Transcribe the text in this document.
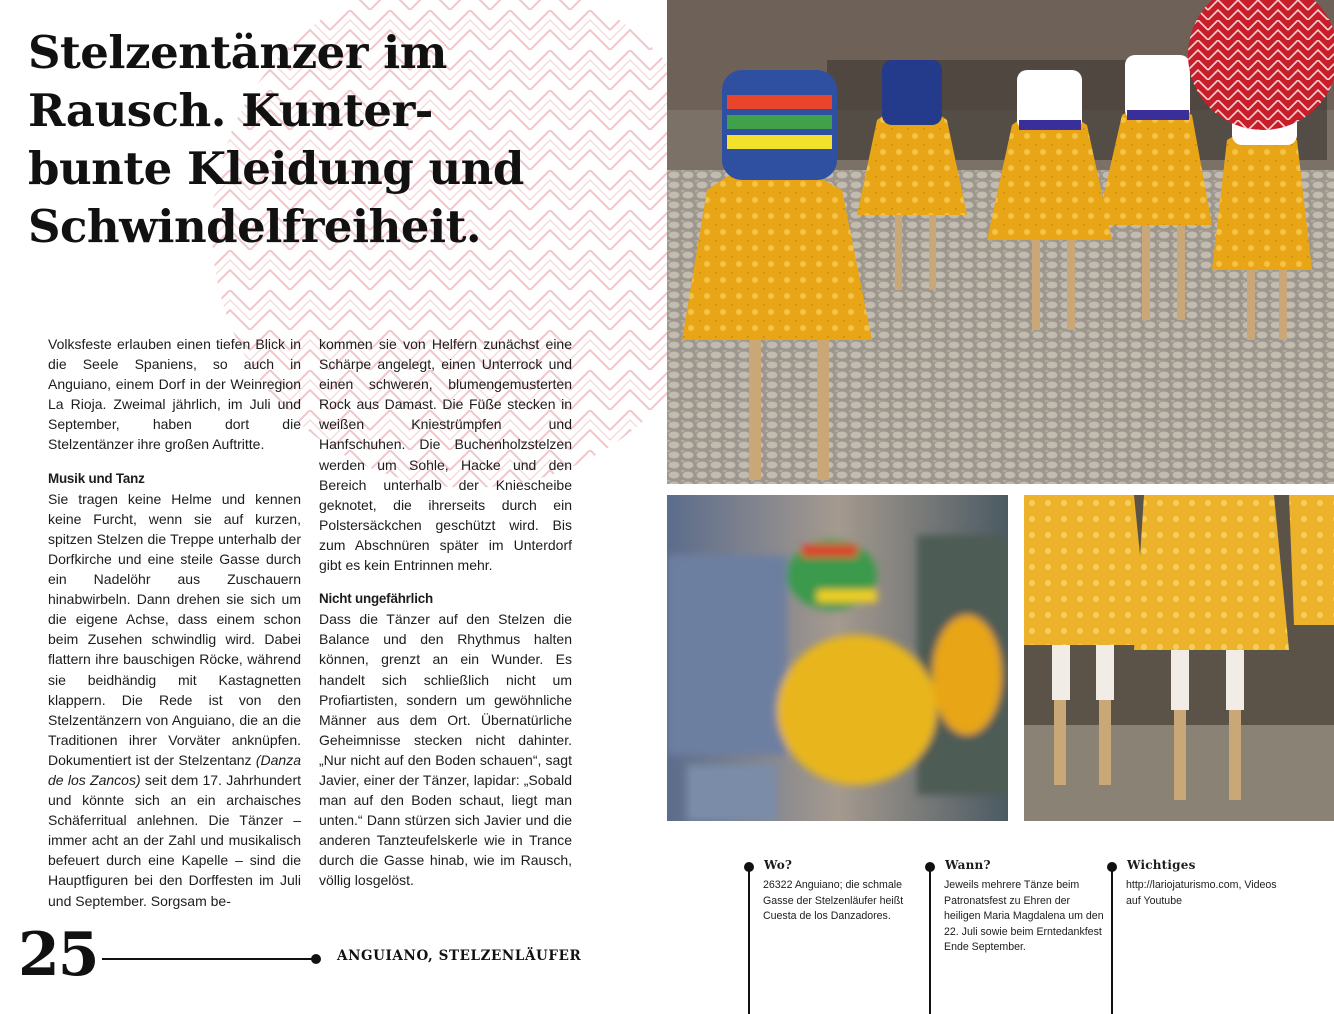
Stelzentänzer im
Rausch. Kunter-
bunte Kleidung und
Schwindelfreiheit.

Volksfeste erlauben einen tiefen Blick in die Seele Spaniens, so auch in Anguiano, einem Dorf in der Weinregion La Rioja. Zweimal jährlich, im Juli und September, haben dort die Stelzentänzer ihre großen Auftritte.

Musik und Tanz

Sie tragen keine Helme und kennen keine Furcht, wenn sie auf kurzen, spitzen Stelzen die Treppe unterhalb der Dorfkirche und eine steile Gasse durch ein Nadelöhr aus Zuschauern hinabwirbeln. Dann drehen sie sich um die eigene Achse, dass einem schon beim Zusehen schwindlig wird. Dabei flattern ihre bauschigen Röcke, während sie beidhändig mit Kastagnetten klappern. Die Rede ist von den Stelzentänzern von Anguiano, die an die Traditionen ihrer Vorväter anknüpfen. Dokumentiert ist der Stelzentanz (Danza de los Zancos) seit dem 17. Jahrhundert und könnte sich an ein archaisches Schäferritual anlehnen. Die Tänzer – immer acht an der Zahl und musikalisch befeuert durch eine Kapelle – sind die Hauptfiguren bei den Dorffesten im Juli und September. Sorgsam be-

kommen sie von Helfern zunächst eine Schärpe angelegt, einen Unterrock und einen schweren, blumengemusterten Rock aus Damast. Die Füße stecken in weißen Kniestrümpfen und Hanfschuhen. Die Buchenholzstelzen werden um Sohle, Hacke und den Bereich unterhalb der Kniescheibe geknotet, die ihrerseits durch ein Polstersäckchen geschützt wird. Bis zum Abschnüren später im Unterdorf gibt es kein Entrinnen mehr.

Nicht ungefährlich

Dass die Tänzer auf den Stelzen die Balance und den Rhythmus halten können, grenzt an ein Wunder. Es handelt sich schließlich nicht um Profiartisten, sondern um gewöhnliche Männer aus dem Ort. Übernatürliche Geheimnisse stecken nicht dahinter. „Nur nicht auf den Boden schauen“, sagt Javier, einer der Tänzer, lapidar: „Sobald man auf den Boden schaut, liegt man unten.“ Dann stürzen sich Javier und die anderen Tanzteufelskerle wie in Trance durch die Gasse hinab, wie im Rausch, völlig losgelöst.

25	ANGUIANO, STELZENLÄUFER
Wo?
26322 Anguiano; die schmale Gasse der Stelzenläufer heißt Cuesta de los Danzadores.
Wann?
Jeweils mehrere Tänze beim Patronatsfest zu Ehren der heiligen Maria Magdalena um den 22. Juli sowie beim Erntedankfest Ende September.
Wichtiges
http://lariojaturismo.com, Videos auf Youtube
